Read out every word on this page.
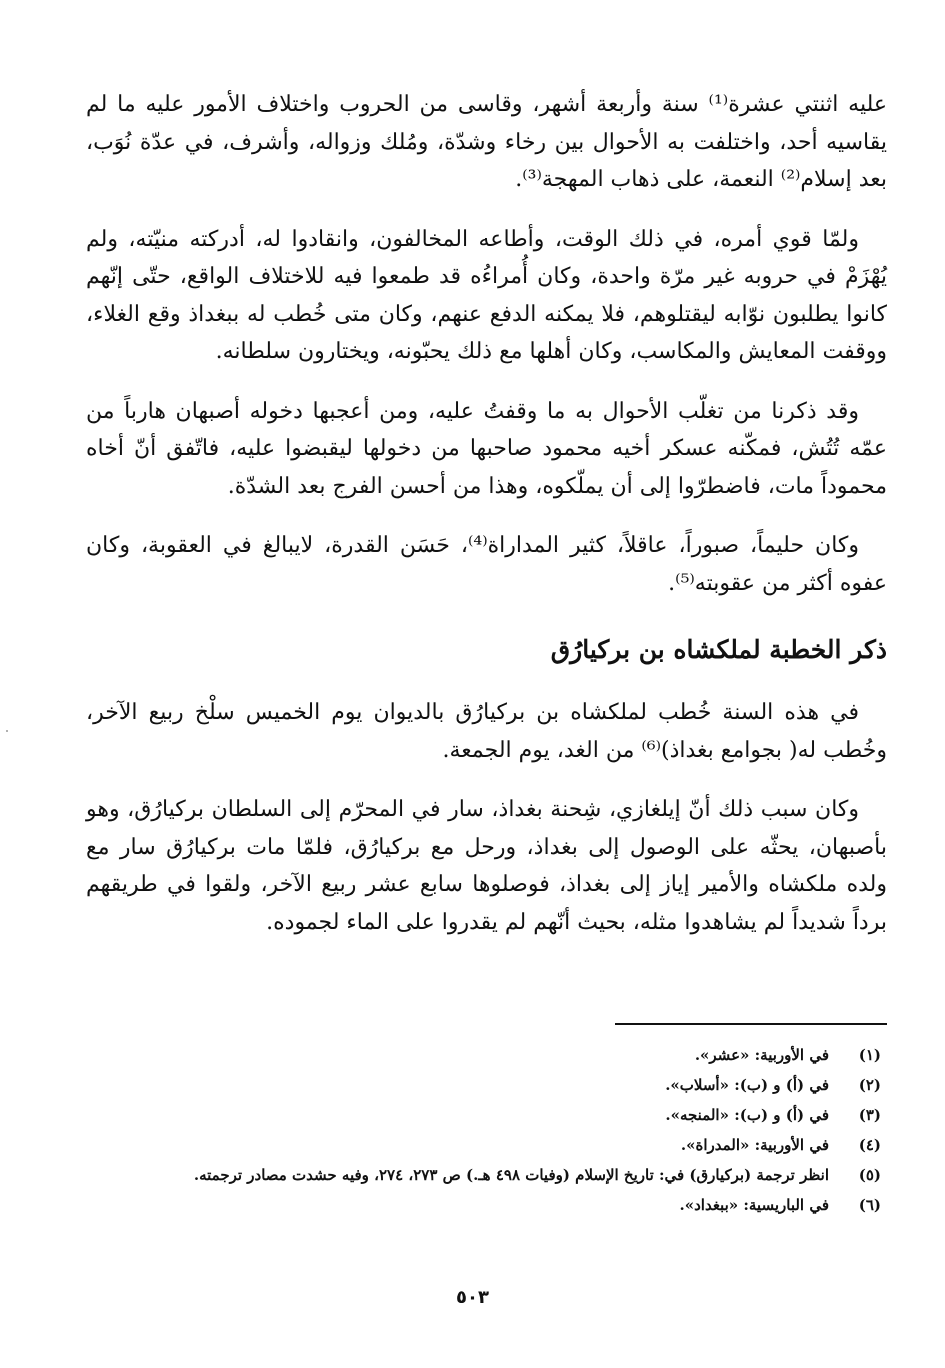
عليه اثنتي عشرة⁽¹⁾ سنة وأربعة أشهر، وقاسى من الحروب واختلاف الأمور عليه ما لم يقاسيه أحد، واختلفت به الأحوال بين رخاء وشدّة، ومُلك وزواله، وأشرف، في عدّة نُوَب، بعد إسلام⁽²⁾ النعمة، على ذهاب المهجة⁽³⁾.

ولمّا قوي أمره، في ذلك الوقت، وأطاعه المخالفون، وانقادوا له، أدركته منيّته، ولم يُهْزَمْ في حروبه غير مرّة واحدة، وكان أُمراءُه قد طمعوا فيه للاختلاف الواقع، حتّى إنّهم كانوا يطلبون نوّابه ليقتلوهم، فلا يمكنه الدفع عنهم، وكان متى خُطب له ببغداذ وقع الغلاء، ووقفت المعايش والمكاسب، وكان أهلها مع ذلك يحبّونه، ويختارون سلطانه.

وقد ذكرنا من تغلّب الأحوال به ما وقفتُ عليه، ومن أعجبها دخوله أصبهان هارباً من عمّه تُتُش، فمكّنه عسكر أخيه محمود صاحبها من دخولها ليقبضوا عليه، فاتّفق أنّ أخاه محموداً مات، فاضطرّوا إلى أن يملّكوه، وهذا من أحسن الفرج بعد الشدّة.

وكان حليماً، صبوراً، عاقلاً، كثير المداراة⁽⁴⁾، حَسَن القدرة، لايبالغ في العقوبة، وكان عفوه أكثر من عقوبته⁽⁵⁾.

ذكر الخطبة لملكشاه بن بركيارُق

في هذه السنة خُطب لملكشاه بن بركيارُق بالديوان يوم الخميس سلْخ ربيع الآخر، وخُطب له( بجوامع بغداذ)⁽⁶⁾ من الغد، يوم الجمعة.

وكان سبب ذلك أنّ إيلغازي، شِحنة بغداذ، سار في المحرّم إلى السلطان بركيارُق، وهو بأصبهان، يحثّه على الوصول إلى بغداذ، ورحل مع بركيارُق، فلمّا مات بركيارُق سار مع ولده ملكشاه والأمير إياز إلى بغداذ، فوصلوها سابع عشر ربيع الآخر، ولقوا في طريقهم برداً شديداً لم يشاهدوا مثله، بحيث أنّهم لم يقدروا على الماء لجموده.

(١)
في الأوربية: «عشر».
(٢)
في (أ) و (ب): «أسلاب».
(٣)
في (أ) و (ب): «المنجه».
(٤)
في الأوربية: «المدراة».
(٥)
انظر ترجمة (بركيارق) في: تاريخ الإسلام (وفيات ٤٩٨ هـ.) ص ٢٧٣، ٢٧٤، وفيه حشدت مصادر ترجمته.
(٦)
في الباريسية: «ببغداد».
٥٠٣
